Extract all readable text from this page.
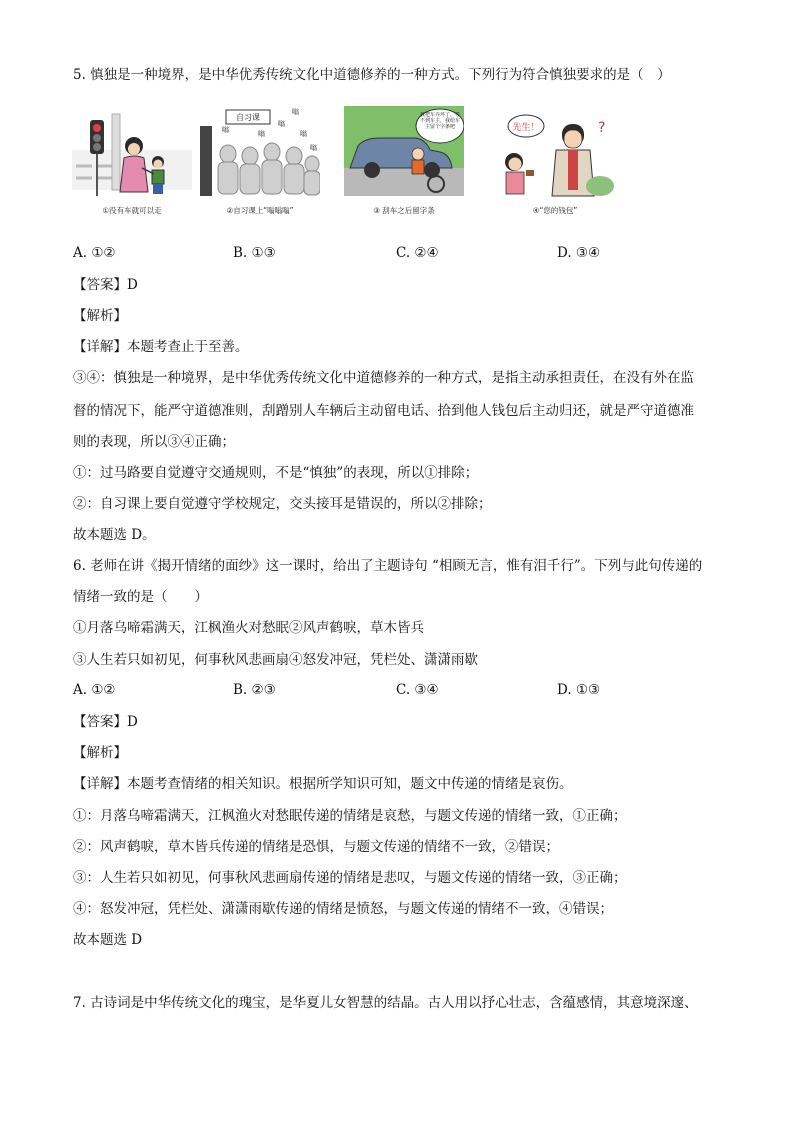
5. 慎独是一种境界，是中华优秀传统文化中道德修养的一种方式。下列行为符合慎独要求的是（　）
①没有车就可以走
自习课
嗡
嗡
嗡
嗡
嗡
嗡
②自习课上“嗡嗡嗡”
我把车弄坏了，等不到车主，我给车主留个字条吧
③ 刮车之后留字条
先生！	?
④“您的钱包”
A. ①②	B. ①③	C. ②④	D. ③④
【答案】D
【解析】
【详解】本题考查止于至善。
③④：慎独是一种境界，是中华优秀传统文化中道德修养的一种方式，是指主动承担责任，在没有外在监
督的情况下，能严守道德准则，刮蹭别人车辆后主动留电话、拾到他人钱包后主动归还，就是严守道德准
则的表现，所以③④正确；
①：过马路要自觉遵守交通规则，不是“慎独”的表现，所以①排除；
②：自习课上要自觉遵守学校规定，交头接耳是错误的，所以②排除；
故本题选 D。
6. 老师在讲《揭开情绪的面纱》这一课时，给出了主题诗句 “相顾无言，惟有泪千行”。下列与此句传递的
情绪一致的是（　　）
①月落乌啼霜满天，江枫渔火对愁眠②风声鹤唳，草木皆兵
③人生若只如初见，何事秋风悲画扇④怒发冲冠，凭栏处、潇潇雨歇
A. ①②	B. ②③	C. ③④	D. ①③
【答案】D
【解析】
【详解】本题考查情绪的相关知识。根据所学知识可知，题文中传递的情绪是哀伤。
①：月落乌啼霜满天，江枫渔火对愁眠传递的情绪是哀愁，与题文传递的情绪一致，①正确；
②：风声鹤唳，草木皆兵传递的情绪是恐惧，与题文传递的情绪不一致，②错误；
③：人生若只如初见，何事秋风悲画扇传递的情绪是悲叹，与题文传递的情绪一致，③正确；
④：怒发冲冠，凭栏处、潇潇雨歇传递的情绪是愤怒，与题文传递的情绪不一致，④错误；
故本题选 D
7. 古诗词是中华传统文化的瑰宝，是华夏儿女智慧的结晶。古人用以抒心壮志，含蕴感情，其意境深邃、
